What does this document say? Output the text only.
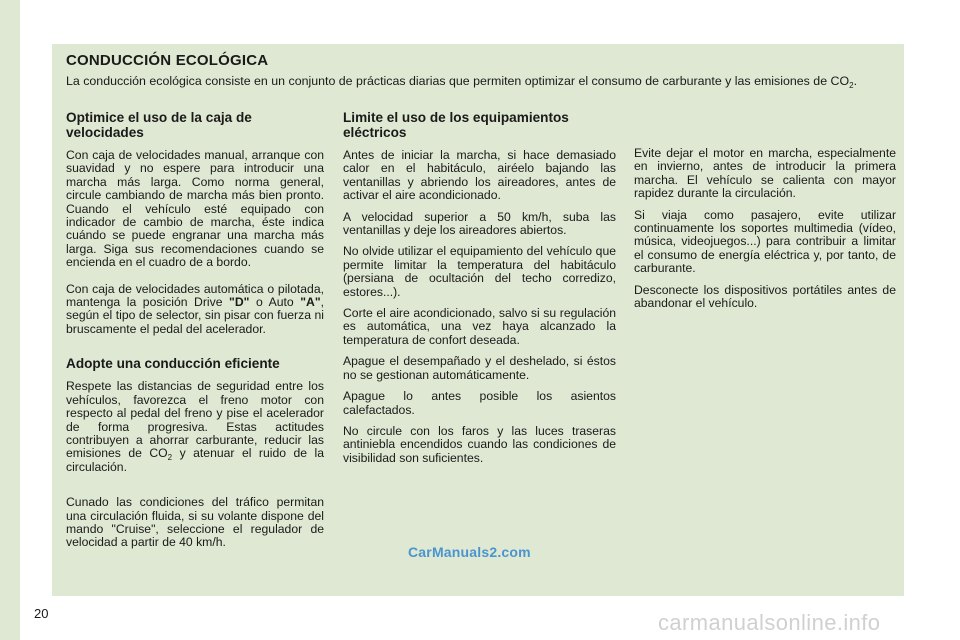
CONDUCCIÓN ECOLÓGICA

La conducción ecológica consiste en un conjunto de prácticas diarias que permiten optimizar el consumo de carburante y las emisiones de $CO_2$.

Optimice el uso de la caja de velocidades

Con caja de velocidades manual, arranque con suavidad y no espere para introducir una marcha más larga. Como norma general, circule cambiando de marcha más bien pronto. Cuando el vehículo esté equipado con indicador de cambio de marcha, éste indica cuándo se puede engranar una marcha más larga. Siga sus recomendaciones cuando se encienda en el cuadro de a bordo.

Con caja de velocidades automática o pilotada, mantenga la posición Drive "D" o Auto "A", según el tipo de selector, sin pisar con fuerza ni bruscamente el pedal del acelerador.

Adopte una conducción eficiente

Respete las distancias de seguridad entre los vehículos, favorezca el freno motor con respecto al pedal del freno y pise el acelerador de forma progresiva. Estas actitudes contribuyen a ahorrar carburante, reducir las emisiones de $CO_2$ y atenuar el ruido de la circulación.

Cunado las condiciones del tráfico permitan una circulación fluida, si su volante dispone del mando "Cruise", seleccione el regulador de velocidad a partir de 40 km/h.

Limite el uso de los equipamientos eléctricos

Antes de iniciar la marcha, si hace demasiado calor en el habitáculo, airéelo bajando las ventanillas y abriendo los aireadores, antes de activar el aire acondicionado.

A velocidad superior a 50 km/h, suba las ventanillas y deje los aireadores abiertos.

No olvide utilizar el equipamiento del vehículo que permite limitar la temperatura del habitáculo (persiana de ocultación del techo corredizo, estores...).

Corte el aire acondicionado, salvo si su regulación es automática, una vez haya alcanzado la temperatura de confort deseada.

Apague el desempañado y el deshelado, si éstos no se gestionan automáticamente.

Apague lo antes posible los asientos calefactados.

No circule con los faros y las luces traseras antiniebla encendidos cuando las condiciones de visibilidad son suficientes.

Evite dejar el motor en marcha, especialmente en invierno, antes de introducir la primera marcha. El vehículo se calienta con mayor rapidez durante la circulación.

Si viaja como pasajero, evite utilizar continuamente los soportes multimedia (vídeo, música, videojuegos...) para contribuir a limitar el consumo de energía eléctrica y, por tanto, de carburante.

Desconecte los dispositivos portátiles antes de abandonar el vehículo.

CarManuals2.com
20	carmanualsonline.info
